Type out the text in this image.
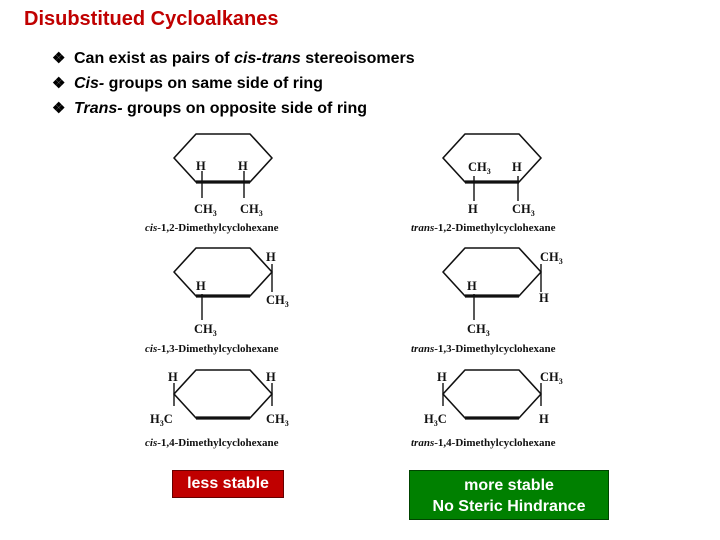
Disubstitued Cycloalkanes
❖ Can exist as pairs of cis-trans stereoisomers
❖ Cis- groups on same side of ring
❖ Trans- groups on opposite side of ring
H	H
$CH_3$ $CH_3$
cis-1,2-Dimethylcyclohexane
$CH_3$ H
H	$CH_3$
trans-1,2-Dimethylcyclohexane
H
H
$CH_3$
$CH_3$
cis-1,3-Dimethylcyclohexane
$CH_3$
H
H
$CH_3$
trans-1,3-Dimethylcyclohexane
H	H
$H_3C$	$CH_3$
cis-1,4-Dimethylcyclohexane
H	$CH_3$
$H_3C$	H
trans-1,4-Dimethylcyclohexane
less stable	more stable
No Steric Hindrance
